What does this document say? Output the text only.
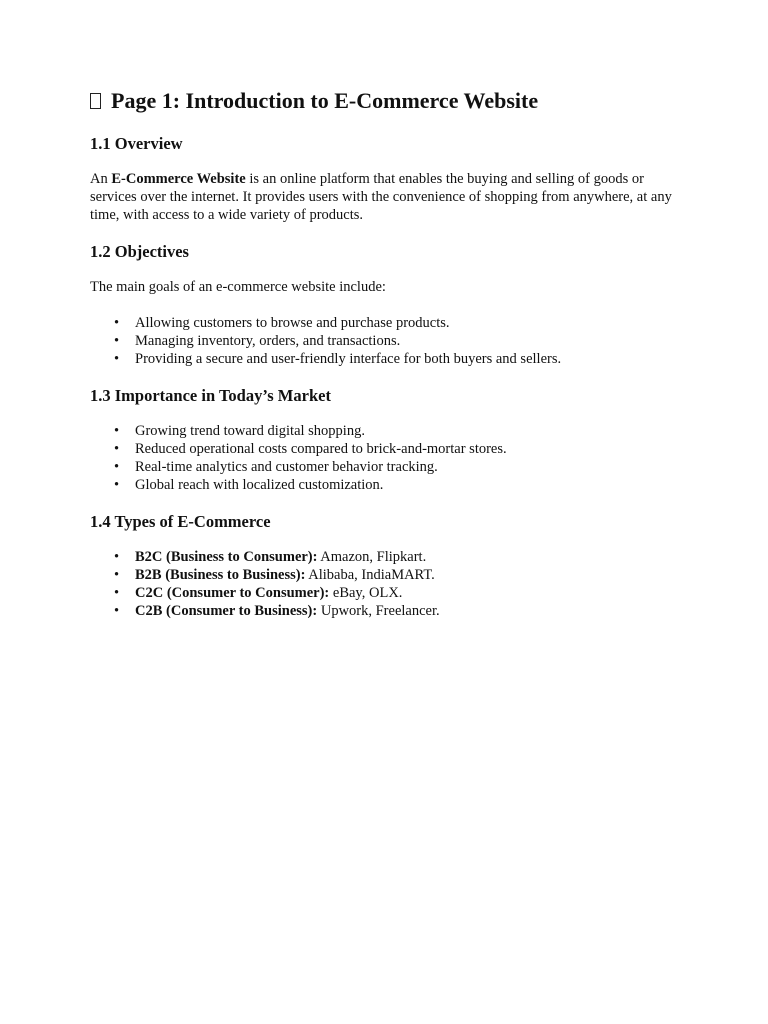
Page 1: Introduction to E-Commerce Website
1.1 Overview

An E-Commerce Website is an online platform that enables the buying and selling of goods or services over the internet. It provides users with the convenience of shopping from anywhere, at any time, with access to a wide variety of products.

1.2 Objectives

The main goals of an e-commerce website include:

• Allowing customers to browse and purchase products.
• Managing inventory, orders, and transactions.
• Providing a secure and user-friendly interface for both buyers and sellers.
1.3 Importance in Today’s Market
• Growing trend toward digital shopping.
• Reduced operational costs compared to brick-and-mortar stores.
• Real-time analytics and customer behavior tracking.
• Global reach with localized customization.
1.4 Types of E-Commerce
• B2C (Business to Consumer): Amazon, Flipkart.
• B2B (Business to Business): Alibaba, IndiaMART.
• C2C (Consumer to Consumer): eBay, OLX.
• C2B (Consumer to Business): Upwork, Freelancer.
